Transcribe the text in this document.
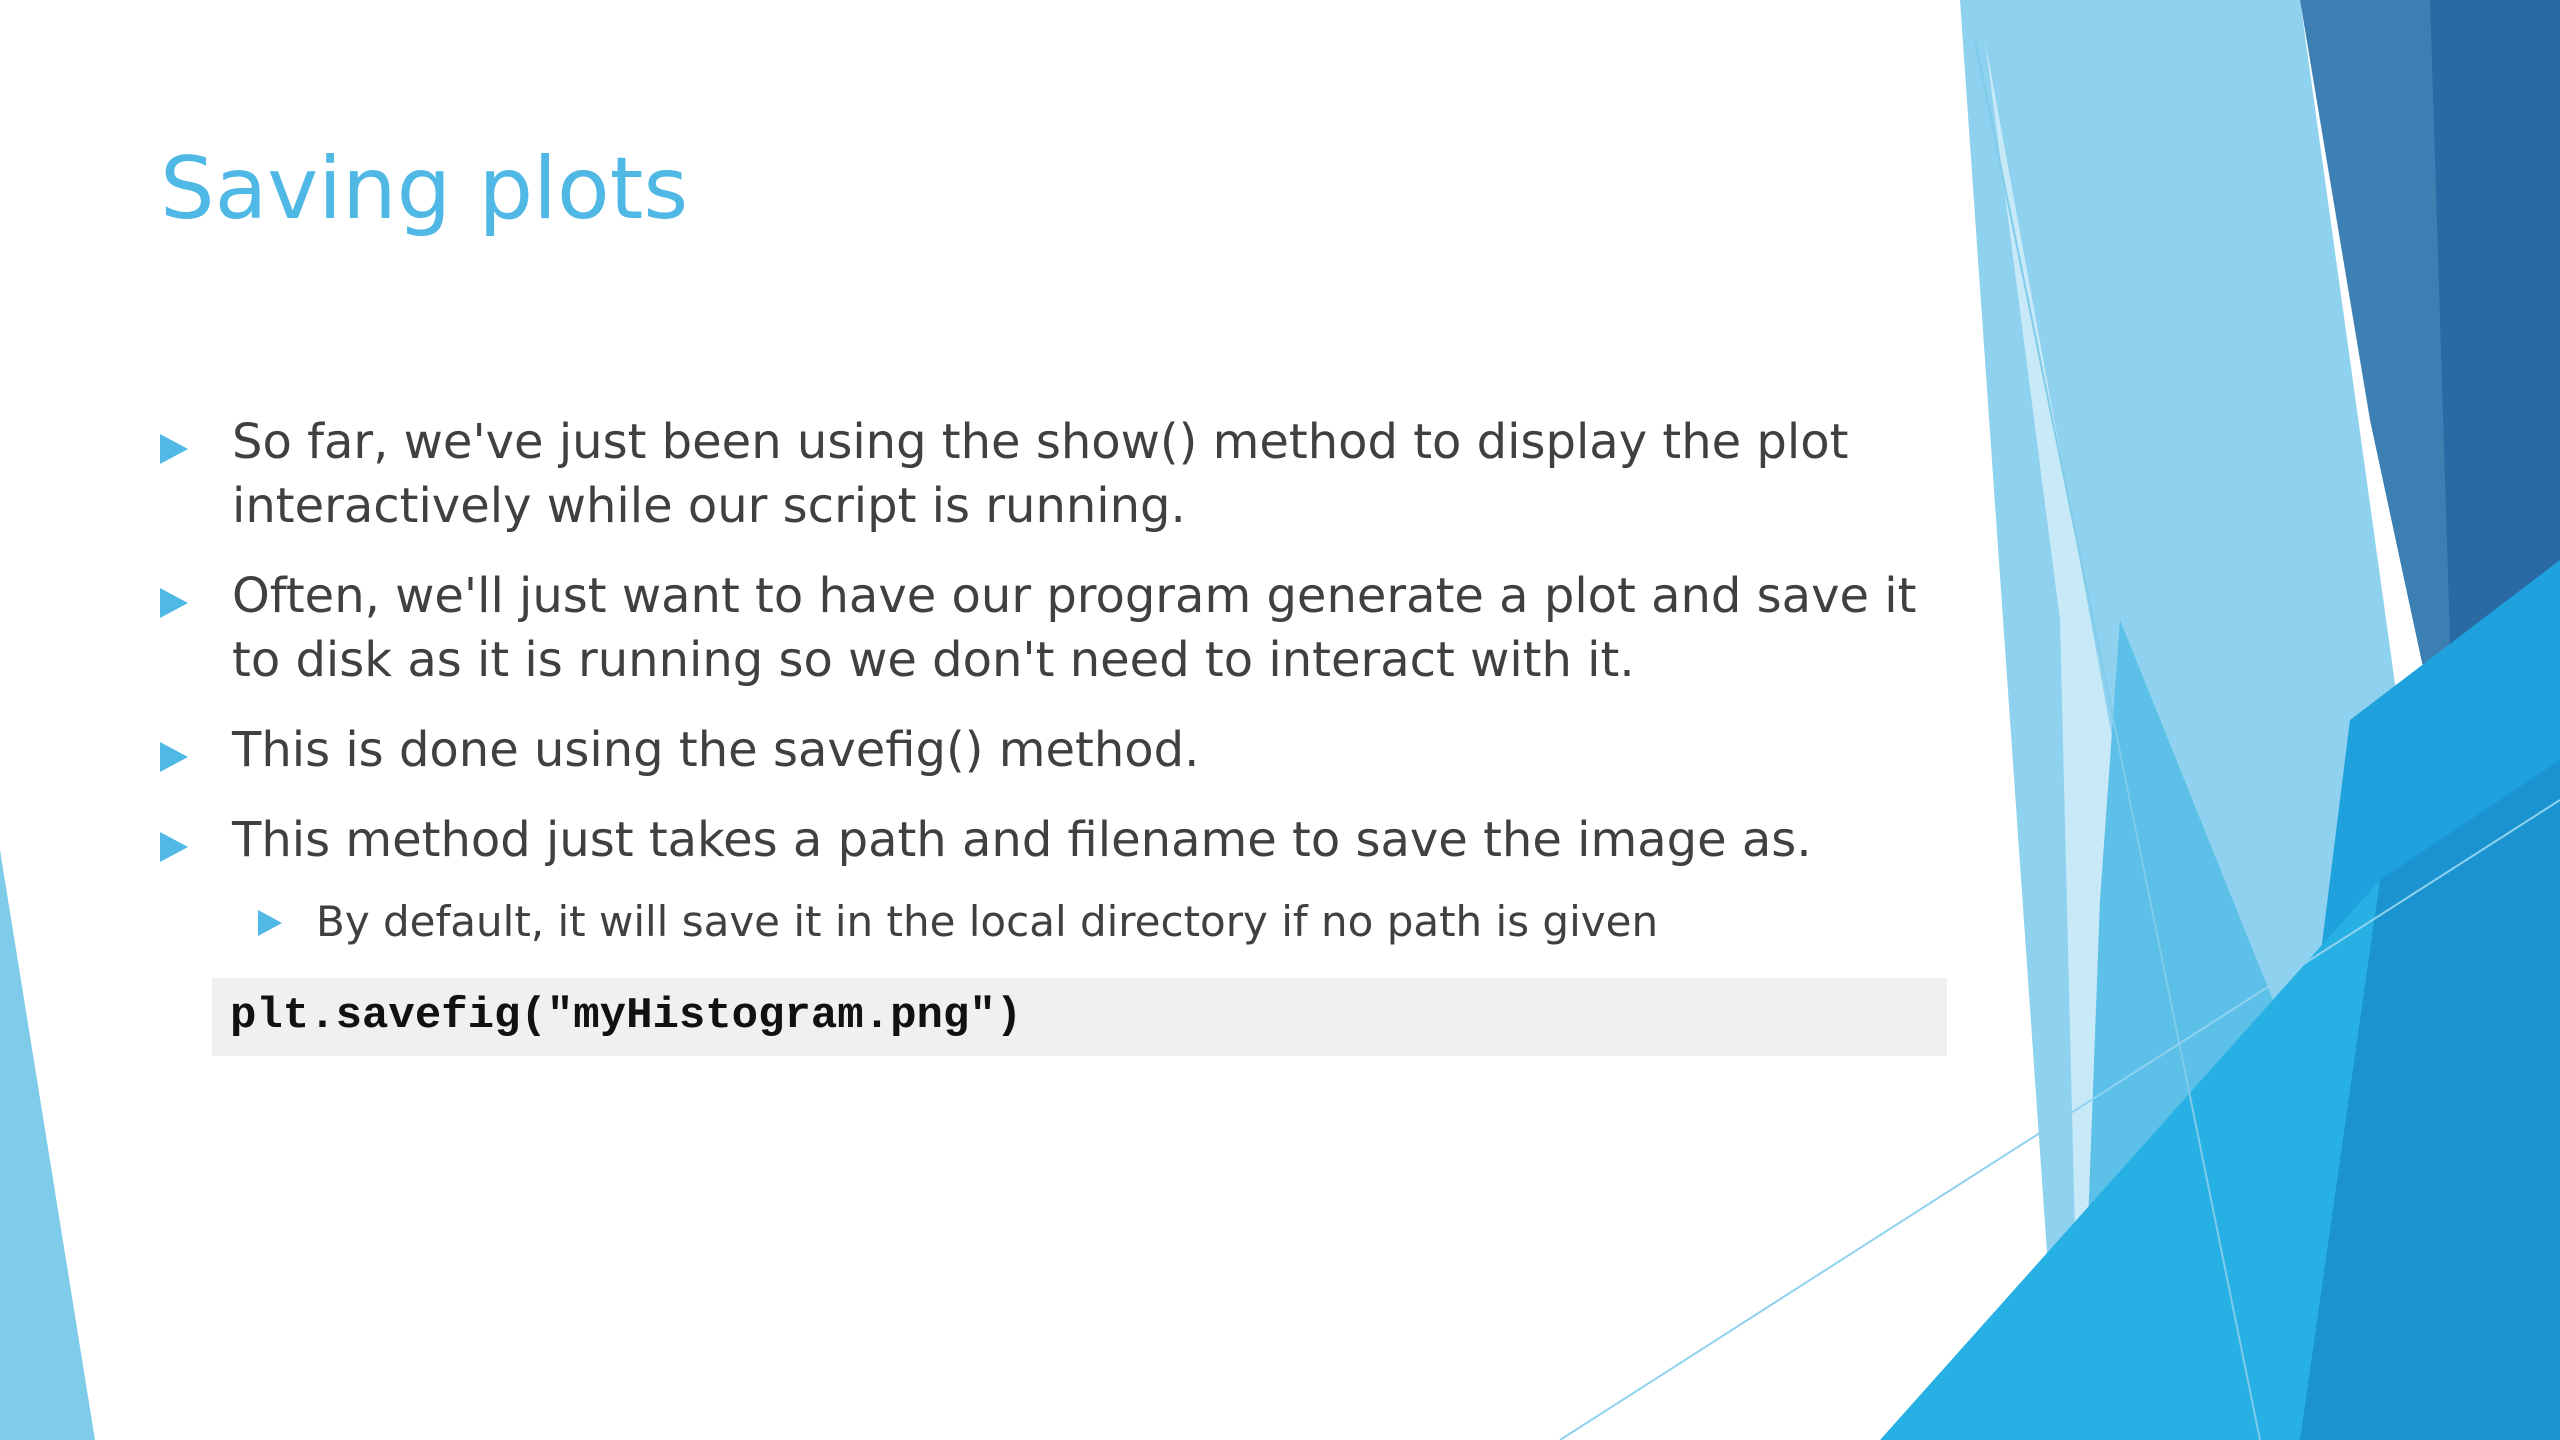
Saving plots
So far, we've just been using the show() method to display the plot interactively while our script is running.
Often, we'll just want to have our program generate a plot and save it to disk as it is running so we don't need to interact with it.
This is done using the savefig() method.
This method just takes a path and filename to save the image as.
By default, it will save it in the local directory if no path is given
plt.savefig("myHistogram.png")
